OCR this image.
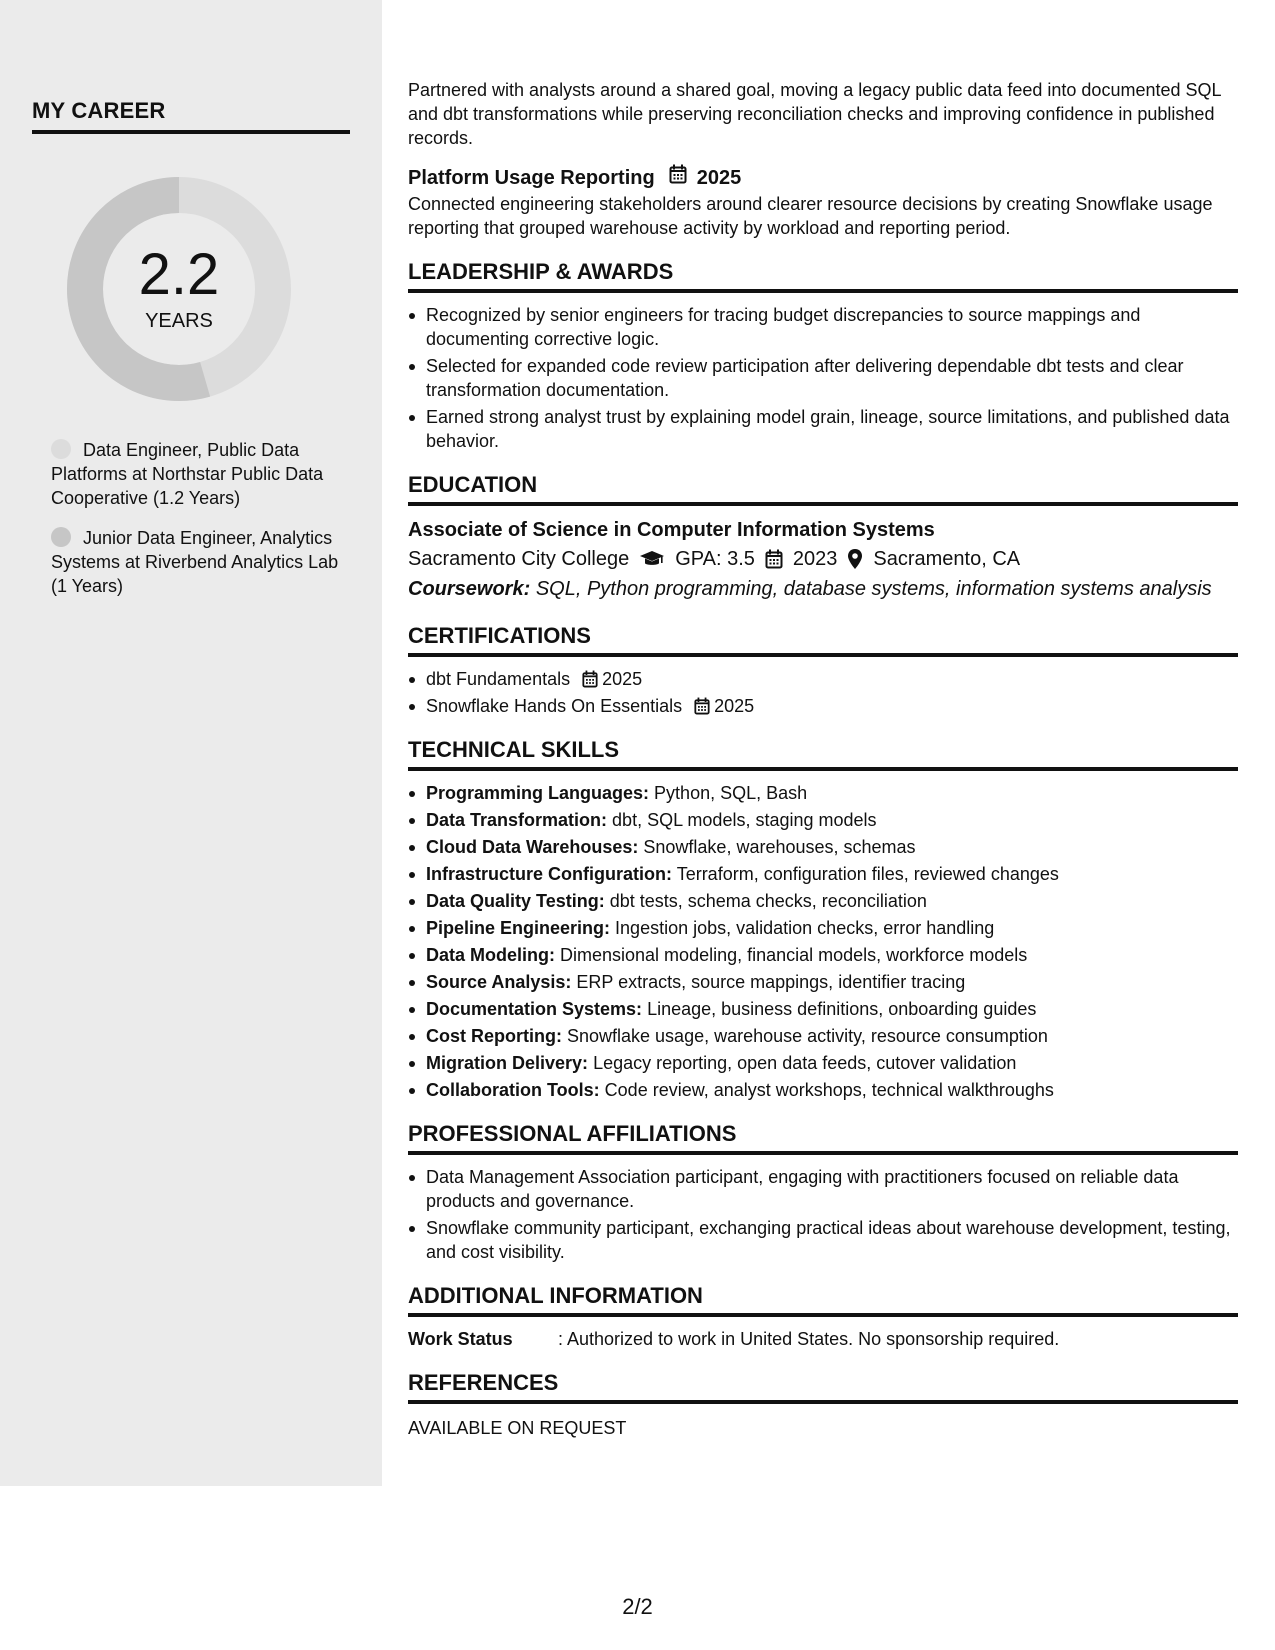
MY CAREER
2.2
YEARS
Data Engineer, Public Data Platforms at Northstar Public Data Cooperative (1.2 Years)
Junior Data Engineer, Analytics Systems at Riverbend Analytics Lab (1 Years)

Partnered with analysts around a shared goal, moving a legacy public data feed into documented SQL and dbt transformations while preserving reconciliation checks and improving confidence in published records.

Platform Usage Reporting 2025

Connected engineering stakeholders around clearer resource decisions by creating Snowflake usage reporting that grouped warehouse activity by workload and reporting period.

LEADERSHIP & AWARDS
Recognized by senior engineers for tracing budget discrepancies to source mappings and documenting corrective logic.
Selected for expanded code review participation after delivering dependable dbt tests and clear transformation documentation.
Earned strong analyst trust by explaining model grain, lineage, source limitations, and published data behavior.
EDUCATION
Associate of Science in Computer Information Systems
Sacramento City College GPA: 3.5 2023 Sacramento, CA
Coursework: SQL, Python programming, database systems, information systems analysis
CERTIFICATIONS
dbt Fundamentals 2025
Snowflake Hands On Essentials 2025
TECHNICAL SKILLS
Programming Languages: Python, SQL, Bash
Data Transformation: dbt, SQL models, staging models
Cloud Data Warehouses: Snowflake, warehouses, schemas
Infrastructure Configuration: Terraform, configuration files, reviewed changes
Data Quality Testing: dbt tests, schema checks, reconciliation
Pipeline Engineering: Ingestion jobs, validation checks, error handling
Data Modeling: Dimensional modeling, financial models, workforce models
Source Analysis: ERP extracts, source mappings, identifier tracing
Documentation Systems: Lineage, business definitions, onboarding guides
Cost Reporting: Snowflake usage, warehouse activity, resource consumption
Migration Delivery: Legacy reporting, open data feeds, cutover validation
Collaboration Tools: Code review, analyst workshops, technical walkthroughs
PROFESSIONAL AFFILIATIONS
Data Management Association participant, engaging with practitioners focused on reliable data products and governance.
Snowflake community participant, exchanging practical ideas about warehouse development, testing, and cost visibility.
ADDITIONAL INFORMATION
Work Status	: Authorized to work in United States. No sponsorship required.
REFERENCES
AVAILABLE ON REQUEST
2/2
